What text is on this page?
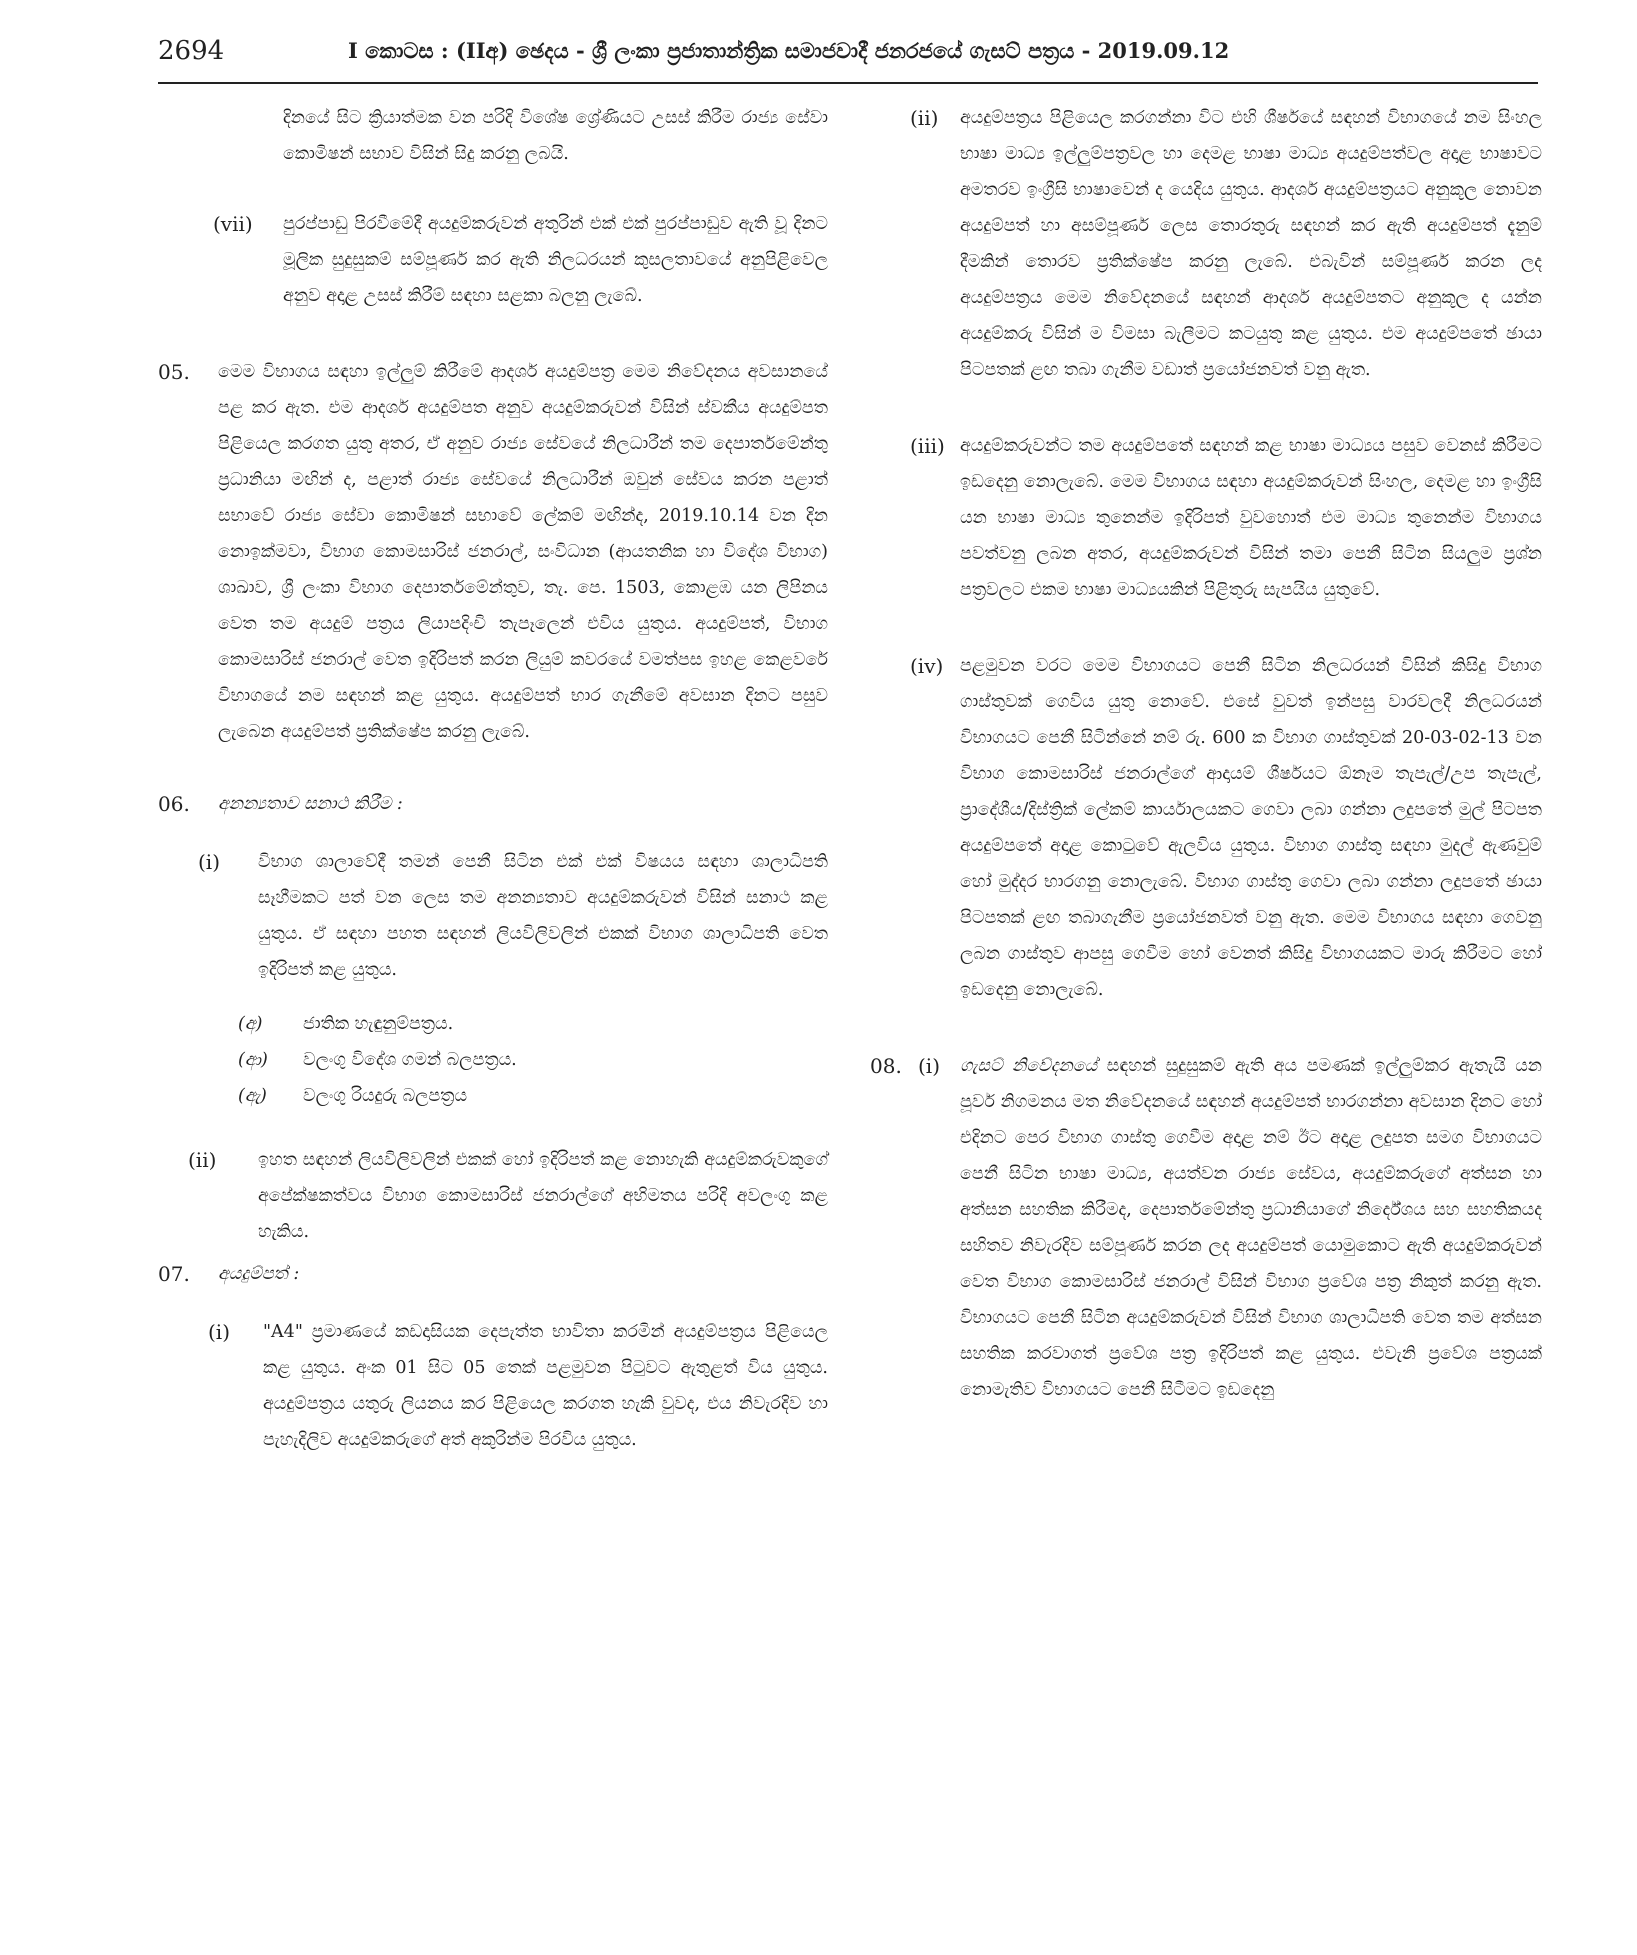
2694	I කොටස : (IIඅ) ඡෙදය - ශ්‍රී ලංකා ප්‍රජාතාන්ත්‍රික සමාජවාදී ජනරජයේ ගැසට් පත්‍රය - 2019.09.12

දිනයේ සිට ක්‍රියාත්මක වන පරිදි විශේෂ ශ්‍රේණියට උසස් කිරීම රාජ්‍ය සේවා කොමිෂන් සභාව විසින් සිදු කරනු ලබයි.

(vii) පුරප්පාඩු පිරවීමේදී අයදුම්කරුවන් අතුරින් එක් එක් පුරප්පාඩුව ඇති වූ දිනට මූලික සුදුසුකම් සම්පූර්ණ කර ඇති නිලධරයන් කුසලතාවයේ අනුපිළිවෙල අනුව අදාළ උසස් කිරීම් සඳහා සළකා බලනු ලැබේ.

05. මෙම විභාගය සඳහා ඉල්ලුම් කිරීමේ ආදර්ශ අයදුම්පත්‍ර මෙම නිවේදනය අවසානයේ පළ කර ඇත. එම ආදර්ශ අයදුම්පත අනුව අයදුම්කරුවන් විසින් ස්වකීය අයදුම්පත පිළියෙල කරගත යුතු අතර, ඒ අනුව රාජ්‍ය සේවයේ නිලධාරීන් තම දෙපාර්තමේන්තු ප්‍රධානියා මඟින් ද, පළාත් රාජ්‍ය සේවයේ නිලධාරීන් ඔවුන් සේවය කරන පළාත් සභාවේ රාජ්‍ය සේවා කොමිෂන් සභාවේ ලේකම් මඟින්ද, 2019.10.14 වන දින නොඉක්මවා, විභාග කොමසාරිස් ජනරාල්, සංවිධාන (ආයතනික හා විදේශ විභාග) ශාඛාව, ශ්‍රී ලංකා විභාග දෙපාර්තමේන්තුව, තැ. පෙ. 1503, කොළඹ යන ලිපිනය වෙත තම අයදුම් පත්‍රය ලියාපදිංචි තැපෑලෙන් එවිය යුතුය. අයදුම්පත්, විභාග කොමසාරිස් ජනරාල් වෙත ඉදිරිපත් කරන ලියුම් කවරයේ වමත්පස ඉහළ කෙළවරේ විභාගයේ නම සඳහන් කළ යුතුය. අයදුම්පත් භාර ගැනීමේ අවසාන දිනට පසුව ලැබෙන අයදුම්පත් ප්‍රතික්ෂේප කරනු ලැබේ.

06. අනන්‍යතාව සනාථ කිරීම :

(i) විභාග ශාලාවේදී තමන් පෙනී සිටින එක් එක් විෂයය සඳහා ශාලාධිපති සෑහීමකට පත් වන ලෙස තම අනන්‍යතාව අයදුම්කරුවන් විසින් සනාථ කළ යුතුය. ඒ සඳහා පහත සඳහන් ලියවිලිවලින් එකක් විභාග ශාලාධිපති වෙත ඉදිරිපත් කළ යුතුය.

(අ) ජාතික හැඳුනුම්පත්‍රය.
(ආ) වලංගු විදේශ ගමන් බලපත්‍රය.
(ඇ) වලංගු රියදුරු බලපත්‍රය
(ii) ඉහත සඳහන් ලියවිලිවලින් එකක් හෝ ඉදිරිපත් කළ නොහැකි අයදුම්කරුවකුගේ අපේක්ෂකත්වය විභාග කොමසාරිස් ජනරාල්ගේ අභිමතය පරිදි අවලංගු කළ හැකිය.

07. අයදුම්පත් :

(i) "A4" ප්‍රමාණයේ කඩදාසියක දෙපැත්ත භාවිතා කරමින් අයදුම්පත්‍රය පිළියෙල කළ යුතුය. අංක 01 සිට 05 තෙක් පළමුවන පිටුවට ඇතුළත් විය යුතුය. අයදුම්පත්‍රය යතුරු ලියනය කර පිළියෙල කරගත හැකි වුවද, එය නිවැරදිව හා පැහැදිලිව අයදුම්කරුගේ අත් අකුරින්ම පිරවිය යුතුය.

(ii) අයදුම්පත්‍රය පිළියෙල කරගන්නා විට එහි ශීර්ෂයේ සඳහන් විභාගයේ නම සිංහල භාෂා මාධ්‍ය ඉල්ලුම්පත්‍රවල හා දෙමළ භාෂා මාධ්‍ය අයදුම්පත්වල අදාළ භාෂාවට අමතරව ඉංග්‍රීසි භාෂාවෙන් ද යෙදිය යුතුය. ආදර්ශ අයදුම්පත්‍රයට අනුකූල නොවන අයදුම්පත් හා අසම්පූර්ණ ලෙස තොරතුරු සඳහන් කර ඇති අයදුම්පත් දැනුම් දීමකින් තොරව ප්‍රතික්ෂේප කරනු ලැබේ. එබැවින් සම්පූර්ණ කරන ලද අයදුම්පත්‍රය මෙම නිවේදනයේ සඳහන් ආදර්ශ අයදුම්පතට අනුකූල ද යන්න අයදුම්කරු විසින් ම විමසා බැලීමට කටයුතු කළ යුතුය. එම අයදුම්පතේ ඡායා පිටපතක් ළඟ තබා ගැනීම වඩාත් ප්‍රයෝජනවත් වනු ඇත.

(iii) අයදුම්කරුවන්ට තම අයදුම්පතේ සඳහන් කළ භාෂා මාධ්‍යය පසුව වෙනස් කිරීමට ඉඩදෙනු නොලැබේ. මෙම විභාගය සඳහා අයදුම්කරුවන් සිංහල, දෙමළ හා ඉංග්‍රීසි යන භාෂා මාධ්‍ය තුනෙන්ම ඉදිරිපත් වුවහොත් එම මාධ්‍ය තුනෙන්ම විභාගය පවත්වනු ලබන අතර, අයදුම්කරුවන් විසින් තමා පෙනී සිටින සියලුම ප්‍රශ්න පත්‍රවලට එකම භාෂා මාධ්‍යයකින් පිළිතුරු සැපයිය යුතුවේ.

(iv) පළමුවන වරට මෙම විභාගයට පෙනී සිටින නිලධරයන් විසින් කිසිදු විභාග ගාස්තුවක් ගෙවිය යුතු නොවේ. එසේ වුවත් ඉන්පසු වාරවලදී නිලධරයන් විභාගයට පෙනී සිටින්නේ නම් රු. 600 ක විභාග ගාස්තුවක් 20-03-02-13 වන විභාග කොමසාරිස් ජනරාල්ගේ ආදායම් ශීර්ෂයට ඕනෑම තැපැල්/උප තැපැල්, ප්‍රාදේශීය/දිස්ත්‍රික් ලේකම් කාර්යාලයකට ගෙවා ලබා ගන්නා ලදුපතේ මුල් පිටපත අයදුම්පතේ අදාළ කොටුවේ ඇලවිය යුතුය. විභාග ගාස්තු සඳහා මුදල් ඇණවුම් හෝ මුද්දර භාරගනු නොලැබේ. විභාග ගාස්තු ගෙවා ලබා ගන්නා ලදුපතේ ඡායා පිටපතක් ළඟ තබාගැනීම ප්‍රයෝජනවත් වනු ඇත. මෙම විභාගය සඳහා ගෙවනු ලබන ගාස්තුව ආපසු ගෙවීම හෝ වෙනත් කිසිදු විභාගයකට මාරු කිරීමට හෝ ඉඩදෙනු නොලැබේ.

08. (i) ගැසට් නිවේදනයේ සඳහන් සුදුසුකම් ඇති අය පමණක් ඉල්ලුම්කර ඇතැයි යන පූර්ව නිගමනය මත නිවේදනයේ සඳහන් අයදුම්පත් භාරගන්නා අවසාන දිනට හෝ එදිනට පෙර විභාග ගාස්තු ගෙවීම අදාළ නම් ඊට අදාළ ලදුපත සමග විභාගයට පෙනී සිටින භාෂා මාධ්‍ය, අයත්වන රාජ්‍ය සේවය, අයදුම්කරුගේ අත්සන හා අත්සන සහතික කිරීමද, දෙපාර්තමේන්තු ප්‍රධානියාගේ නිර්දේශය සහ සහතිකයද සහිතව නිවැරදිව සම්පූර්ණ කරන ලද අයදුම්පත් යොමුකොට ඇති අයදුම්කරුවන් වෙත විභාග කොමසාරිස් ජනරාල් විසින් විභාග ප්‍රවේශ පත්‍ර නිකුත් කරනු ඇත. විභාගයට පෙනී සිටින අයදුම්කරුවන් විසින් විභාග ශාලාධිපති වෙත තම අත්සන සහතික කරවාගත් ප්‍රවේශ පත්‍ර ඉදිරිපත් කළ යුතුය. එවැනි ප්‍රවේශ පත්‍රයක් නොමැතිව විභාගයට පෙනී සිටීමට ඉඩදෙනු
